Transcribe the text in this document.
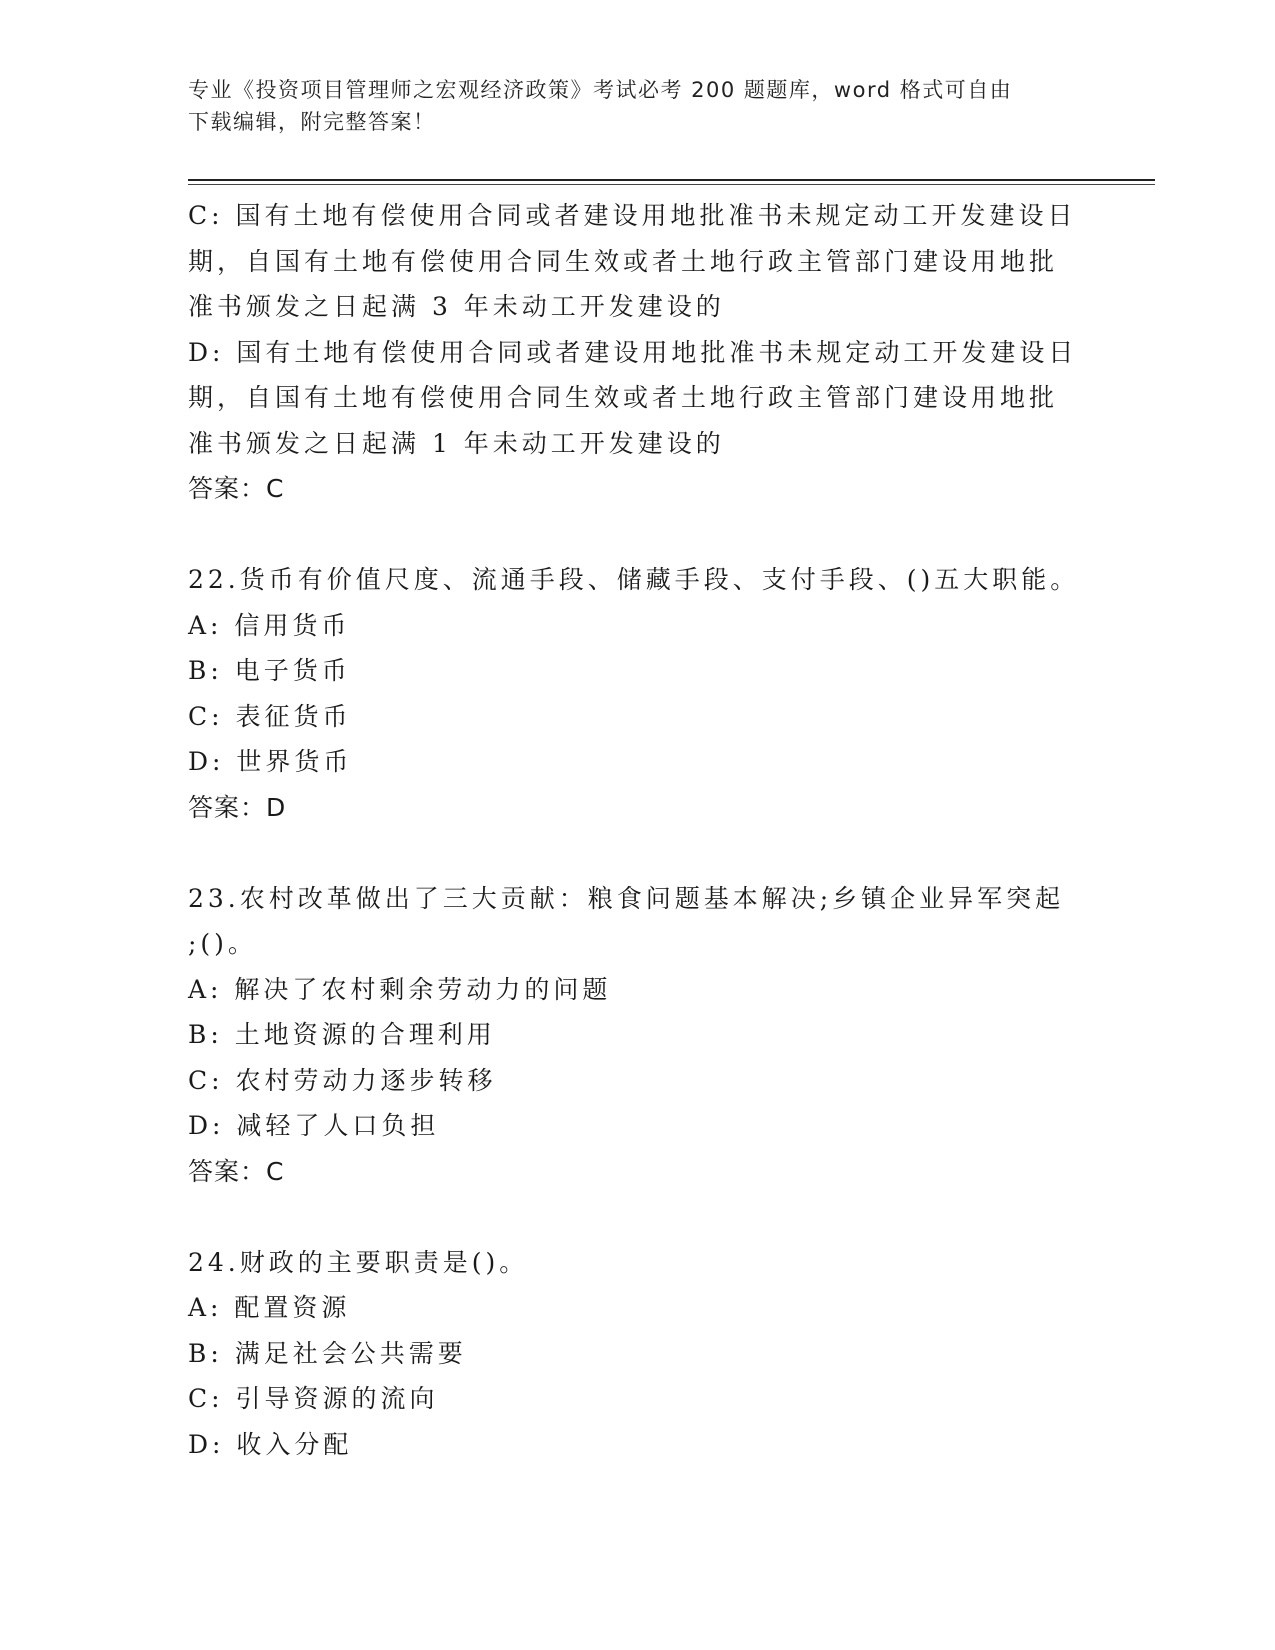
专业《投资项目管理师之宏观经济政策》考试必考 200 题题库，word 格式可自由
下载编辑，附完整答案！
C: 国有土地有偿使用合同或者建设用地批准书未规定动工开发建设日
期，自国有土地有偿使用合同生效或者土地行政主管部门建设用地批
准书颁发之日起满 3 年未动工开发建设的
D: 国有土地有偿使用合同或者建设用地批准书未规定动工开发建设日
期，自国有土地有偿使用合同生效或者土地行政主管部门建设用地批
准书颁发之日起满 1 年未动工开发建设的
答案：C
22.货币有价值尺度、流通手段、储藏手段、支付手段、()五大职能。
A: 信用货币
B: 电子货币
C: 表征货币
D: 世界货币
答案：D
23.农村改革做出了三大贡献：粮食问题基本解决;乡镇企业异军突起
;()。
A: 解决了农村剩余劳动力的问题
B: 土地资源的合理利用
C: 农村劳动力逐步转移
D: 减轻了人口负担
答案：C
24.财政的主要职责是()。
A: 配置资源
B: 满足社会公共需要
C: 引导资源的流向
D: 收入分配
